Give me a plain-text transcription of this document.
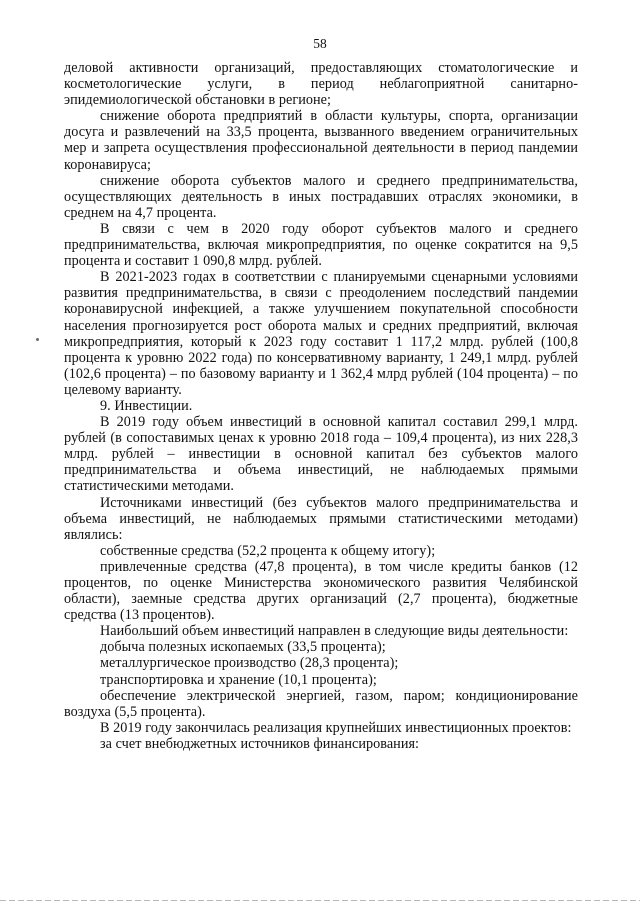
58

деловой активности организаций, предоставляющих стоматологические и косметологические услуги, в период неблагоприятной санитарно-эпидемиологической обстановки в регионе;

снижение оборота предприятий в области культуры, спорта, организации досуга и развлечений на 33,5 процента, вызванного введением ограничительных мер и запрета осуществления профессиональной деятельности в период пандемии коронавируса;

снижение оборота субъектов малого и среднего предпринимательства, осуществляющих деятельность в иных пострадавших отраслях экономики, в среднем на 4,7 процента.

В связи с чем в 2020 году оборот субъектов малого и среднего предпринимательства, включая микропредприятия, по оценке сократится на 9,5 процента и составит 1 090,8 млрд. рублей.

В 2021-2023 годах в соответствии с планируемыми сценарными условиями развития предпринимательства, в связи с преодолением последствий пандемии коронавирусной инфекцией, а также улучшением покупательной способности населения прогнозируется рост оборота малых и средних предприятий, включая микропредприятия, который к 2023 году составит 1 117,2 млрд. рублей (100,8 процента к уровню 2022 года) по консервативному варианту, 1 249,1 млрд. рублей (102,6 процента) – по базовому варианту и 1 362,4 млрд рублей (104 процента) – по целевому варианту.

9. Инвестиции.

В 2019 году объем инвестиций в основной капитал составил 299,1 млрд. рублей (в сопоставимых ценах к уровню 2018 года – 109,4 процента), из них 228,3 млрд. рублей – инвестиции в основной капитал без субъектов малого предпринимательства и объема инвестиций, не наблюдаемых прямыми статистическими методами.

Источниками инвестиций (без субъектов малого предпринимательства и объема инвестиций, не наблюдаемых прямыми статистическими методами) являлись:

собственные средства (52,2 процента к общему итогу);

привлеченные средства (47,8 процента), в том числе кредиты банков (12 процентов, по оценке Министерства экономического развития Челябинской области), заемные средства других организаций (2,7 процента), бюджетные средства (13 процентов).

Наибольший объем инвестиций направлен в следующие виды деятельности:

добыча полезных ископаемых (33,5 процента);

металлургическое производство (28,3 процента);

транспортировка и хранение (10,1 процента);

обеспечение электрической энергией, газом, паром; кондиционирование воздуха (5,5 процента).

В 2019 году закончилась реализация крупнейших инвестиционных проектов:

за счет внебюджетных источников финансирования:
